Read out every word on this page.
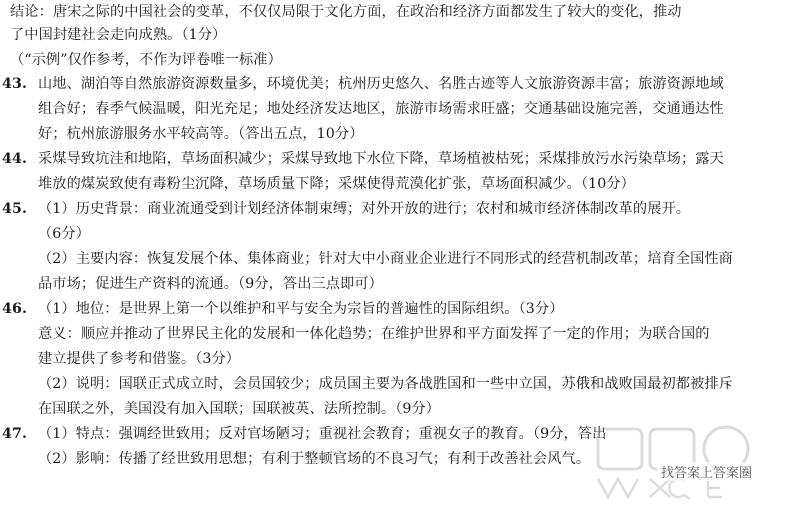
结论：唐宋之际的中国社会的变革，不仅仅局限于文化方面，在政治和经济方面都发生了较大的变化，推动
了中国封建社会走向成熟。（1分）
（“示例”仅作参考，不作为评卷唯一标准）
43. 山地、湖泊等自然旅游资源数量多，环境优美；杭州历史悠久、名胜古迹等人文旅游资源丰富；旅游资源地域
组合好；春季气候温暖，阳光充足；地处经济发达地区，旅游市场需求旺盛；交通基础设施完善，交通通达性
好；杭州旅游服务水平较高等。（答出五点，10分）
44. 采煤导致坑洼和地陷，草场面积减少；采煤导致地下水位下降，草场植被枯死；采煤排放污水污染草场；露天
堆放的煤炭致使有毒粉尘沉降，草场质量下降；采煤使得荒漠化扩张，草场面积减少。（10分）
45. （1）历史背景：商业流通受到计划经济体制束缚；对外开放的进行；农村和城市经济体制改革的展开。
（6分）
（2）主要内容：恢复发展个体、集体商业；针对大中小商业企业进行不同形式的经营机制改革；培育全国性商
品市场；促进生产资料的流通。（9分，答出三点即可）
46. （1）地位：是世界上第一个以维护和平与安全为宗旨的普遍性的国际组织。（3分）
意义：顺应并推动了世界民主化的发展和一体化趋势；在维护世界和平方面发挥了一定的作用；为联合国的
建立提供了参考和借鉴。（3分）
（2）说明：国联正式成立时，会员国较少；成员国主要为各战胜国和一些中立国，苏俄和战败国最初都被排斥
在国联之外，美国没有加入国联；国联被英、法所控制。（9分）
47. （1）特点：强调经世致用；反对官场陋习；重视社会教育；重视女子的教育。（9分，答出
（2）影响：传播了经世致用思想；有利于整顿官场的不良习气；有利于改善社会风气。
找答案上答案圈
